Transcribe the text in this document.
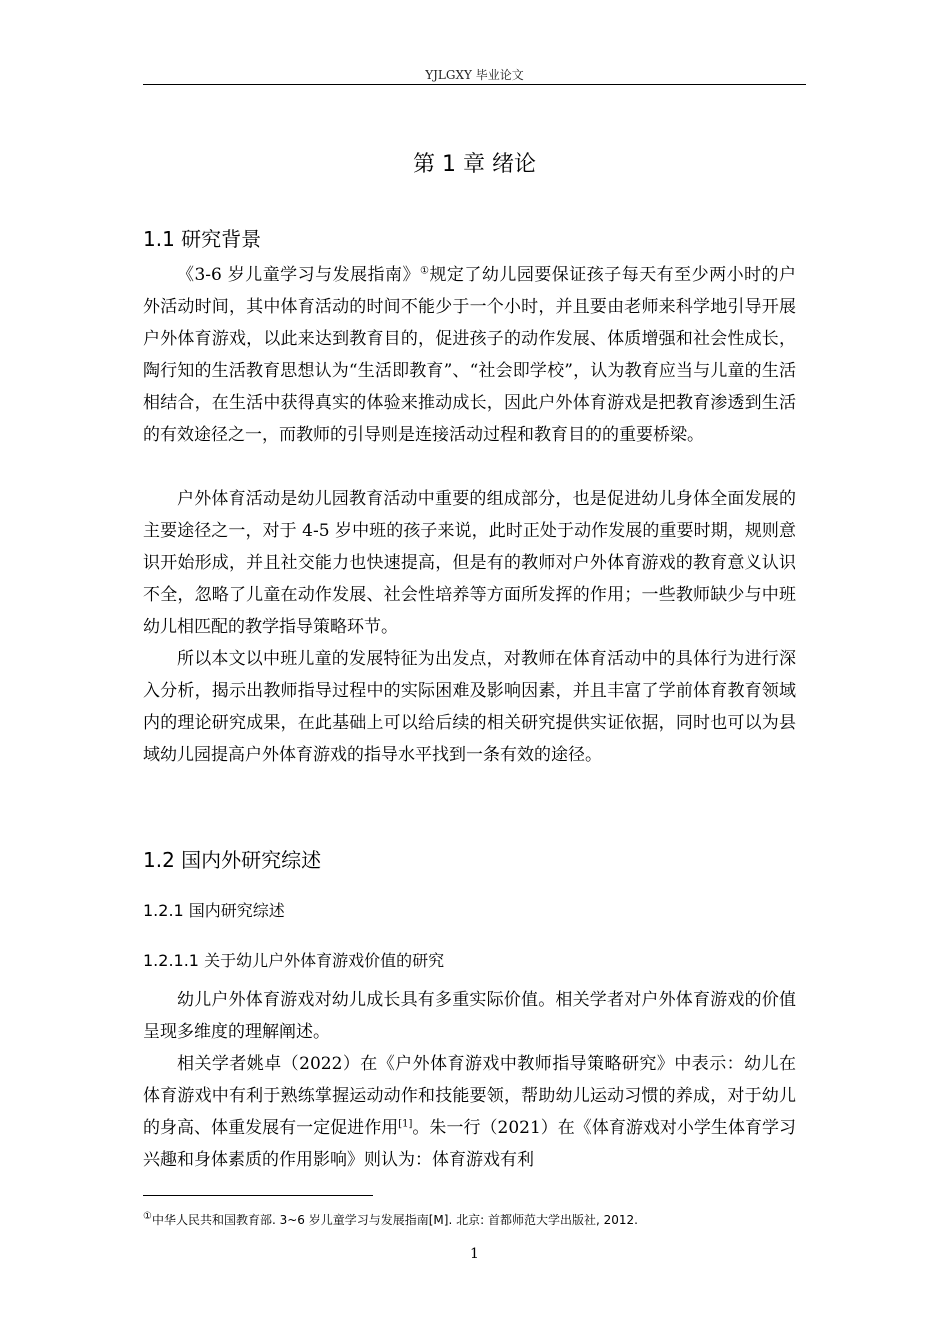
YJLGXY 毕业论文
第 1 章 绪论
1.1 研究背景

《3-6 岁儿童学习与发展指南》①规定了幼儿园要保证孩子每天有至少两小时的户外活动时间，其中体育活动的时间不能少于一个小时，并且要由老师来科学地引导开展户外体育游戏，以此来达到教育目的，促进孩子的动作发展、体质增强和社会性成长，陶行知的生活教育思想认为“生活即教育”、“社会即学校”，认为教育应当与儿童的生活相结合，在生活中获得真实的体验来推动成长，因此户外体育游戏是把教育渗透到生活的有效途径之一，而教师的引导则是连接活动过程和教育目的的重要桥梁。

户外体育活动是幼儿园教育活动中重要的组成部分，也是促进幼儿身体全面发展的主要途径之一，对于 4-5 岁中班的孩子来说，此时正处于动作发展的重要时期，规则意识开始形成，并且社交能力也快速提高，但是有的教师对户外体育游戏的教育意义认识不全，忽略了儿童在动作发展、社会性培养等方面所发挥的作用；一些教师缺少与中班幼儿相匹配的教学指导策略环节。

所以本文以中班儿童的发展特征为出发点，对教师在体育活动中的具体行为进行深入分析，揭示出教师指导过程中的实际困难及影响因素，并且丰富了学前体育教育领域内的理论研究成果，在此基础上可以给后续的相关研究提供实证依据，同时也可以为县域幼儿园提高户外体育游戏的指导水平找到一条有效的途径。

1.2 国内外研究综述
1.2.1 国内研究综述
1.2.1.1 关于幼儿户外体育游戏价值的研究

幼儿户外体育游戏对幼儿成长具有多重实际价值。相关学者对户外体育游戏的价值呈现多维度的理解阐述。

相关学者姚卓（2022）在《户外体育游戏中教师指导策略研究》中表示：幼儿在体育游戏中有利于熟练掌握运动动作和技能要领，帮助幼儿运动习惯的养成，对于幼儿的身高、体重发展有一定促进作用[1]。朱一行（2021）在《体育游戏对小学生体育学习兴趣和身体素质的作用影响》则认为：体育游戏有利

①中华人民共和国教育部. 3~6 岁儿童学习与发展指南[M]. 北京: 首都师范大学出版社, 2012.
1
